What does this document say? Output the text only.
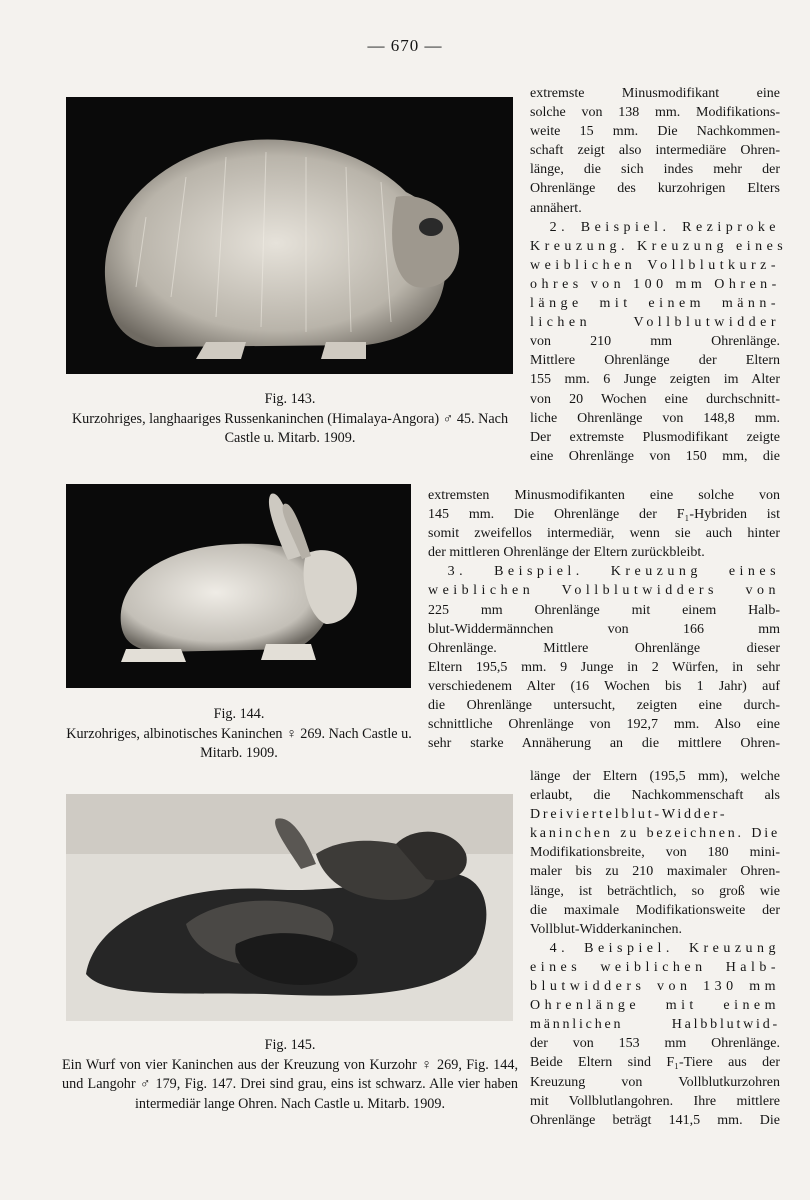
— 670 —
Fig. 143.
Kurzohriges, langhaariges Russenkaninchen (Himalaya-Angora) ♂ 45. Nach Castle u. Mitarb. 1909.
Fig. 144.
Kurzohriges, albinotisches Kaninchen ♀ 269. Nach Castle u. Mitarb. 1909.
Fig. 145.
Ein Wurf von vier Kaninchen aus der Kreuzung von Kurzohr ♀ 269, Fig. 144, und Langohr ♂ 179, Fig. 147. Drei sind grau, eins ist schwarz. Alle vier haben intermediär lange Ohren. Nach Castle u. Mitarb. 1909.
extremste Minusmodifikant eine
solche von 138 mm. Modifikations-
weite 15 mm. Die Nachkommen-
schaft zeigt also intermediäre Ohren-
länge, die sich indes mehr der
Ohrenlänge des kurzohrigen Elters
annähert.
2. Beispiel. Reziproke
Kreuzung. Kreuzung eines
weiblichen Vollblutkurz-
ohres von 100 mm Ohren-
länge mit einem männ-
lichen Vollblutwidder
von 210 mm Ohrenlänge.
Mittlere Ohrenlänge der Eltern
155 mm. 6 Junge zeigten im Alter
von 20 Wochen eine durchschnitt-
liche Ohrenlänge von 148,8 mm.
Der extremste Plusmodifikant zeigte
eine Ohrenlänge von 150 mm, die
extremsten Minusmodifikanten eine solche von
145 mm. Die Ohrenlänge der F₁-Hybriden ist
somit zweifellos intermediär, wenn sie auch hinter
der mittleren Ohrenlänge der Eltern zurückbleibt.
3. Beispiel. Kreuzung eines
weiblichen Vollblutwidders von
225 mm Ohrenlänge mit einem Halb-
blut-Widdermännchen von 166 mm
Ohrenlänge. Mittlere Ohrenlänge dieser
Eltern 195,5 mm. 9 Junge in 2 Würfen, in sehr
verschiedenem Alter (16 Wochen bis 1 Jahr) auf
die Ohrenlänge untersucht, zeigten eine durch-
schnittliche Ohrenlänge von 192,7 mm. Also eine
sehr starke Annäherung an die mittlere Ohren-
länge der Eltern (195,5 mm), welche
erlaubt, die Nachkommenschaft als
Dreiviertelblut-Widder-
kaninchen zu bezeichnen. Die
Modifikationsbreite, von 180 mini-
maler bis zu 210 maximaler Ohren-
länge, ist beträchtlich, so groß wie
die maximale Modifikationsweite der
Vollblut-Widderkaninchen.
4. Beispiel. Kreuzung
eines weiblichen Halb-
blutwidders von 130 mm
Ohrenlänge mit einem
männlichen Halbblutwid-
der von 153 mm Ohrenlänge.
Beide Eltern sind F₁-Tiere aus der
Kreuzung von Vollblutkurzohren
mit Vollblutlangohren. Ihre mittlere
Ohrenlänge beträgt 141,5 mm. Die
